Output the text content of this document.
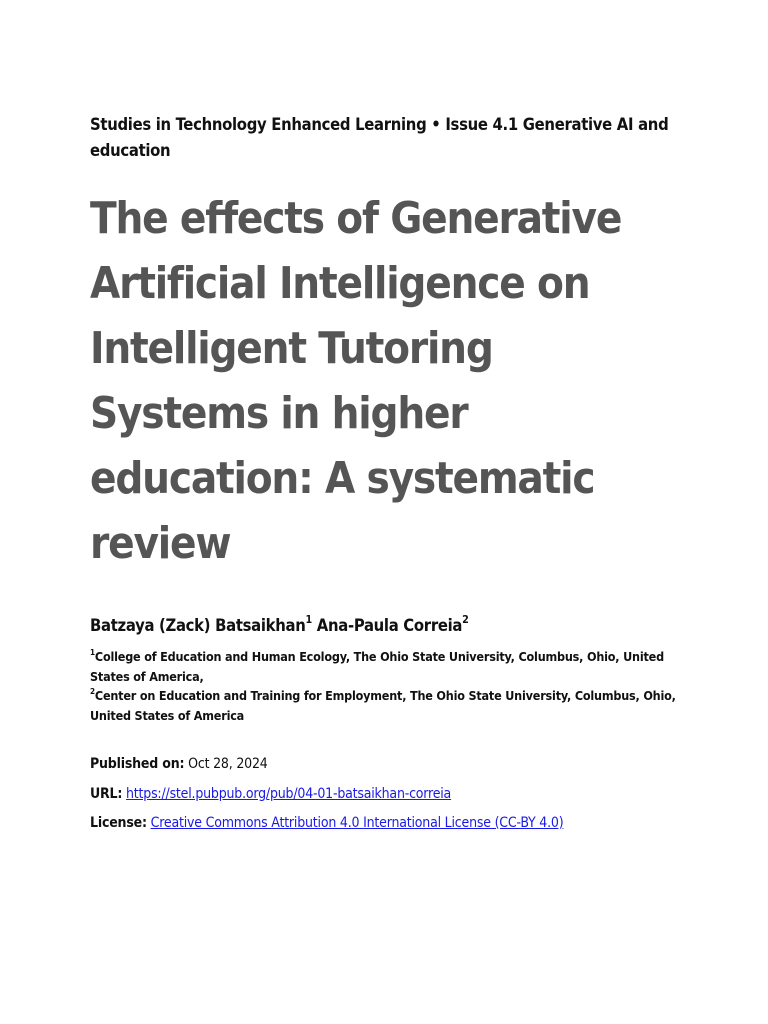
Studies in Technology Enhanced Learning • Issue 4.1 Generative AI and education

The effects of Generative Artificial Intelligence on Intelligent Tutoring Systems in higher education: A systematic review
Batzaya (Zack) Batsaikhan$^1$ Ana-Paula Correia$^2$

$^1$College of Education and Human Ecology, The Ohio State University, Columbus, Ohio, United States of America,

$^2$Center on Education and Training for Employment, The Ohio State University, Columbus, Ohio, United States of America

Published on: Oct 28, 2024

URL: https://stel.pubpub.org/pub/04-01-batsaikhan-correia

License: Creative Commons Attribution 4.0 International License (CC-BY 4.0)
